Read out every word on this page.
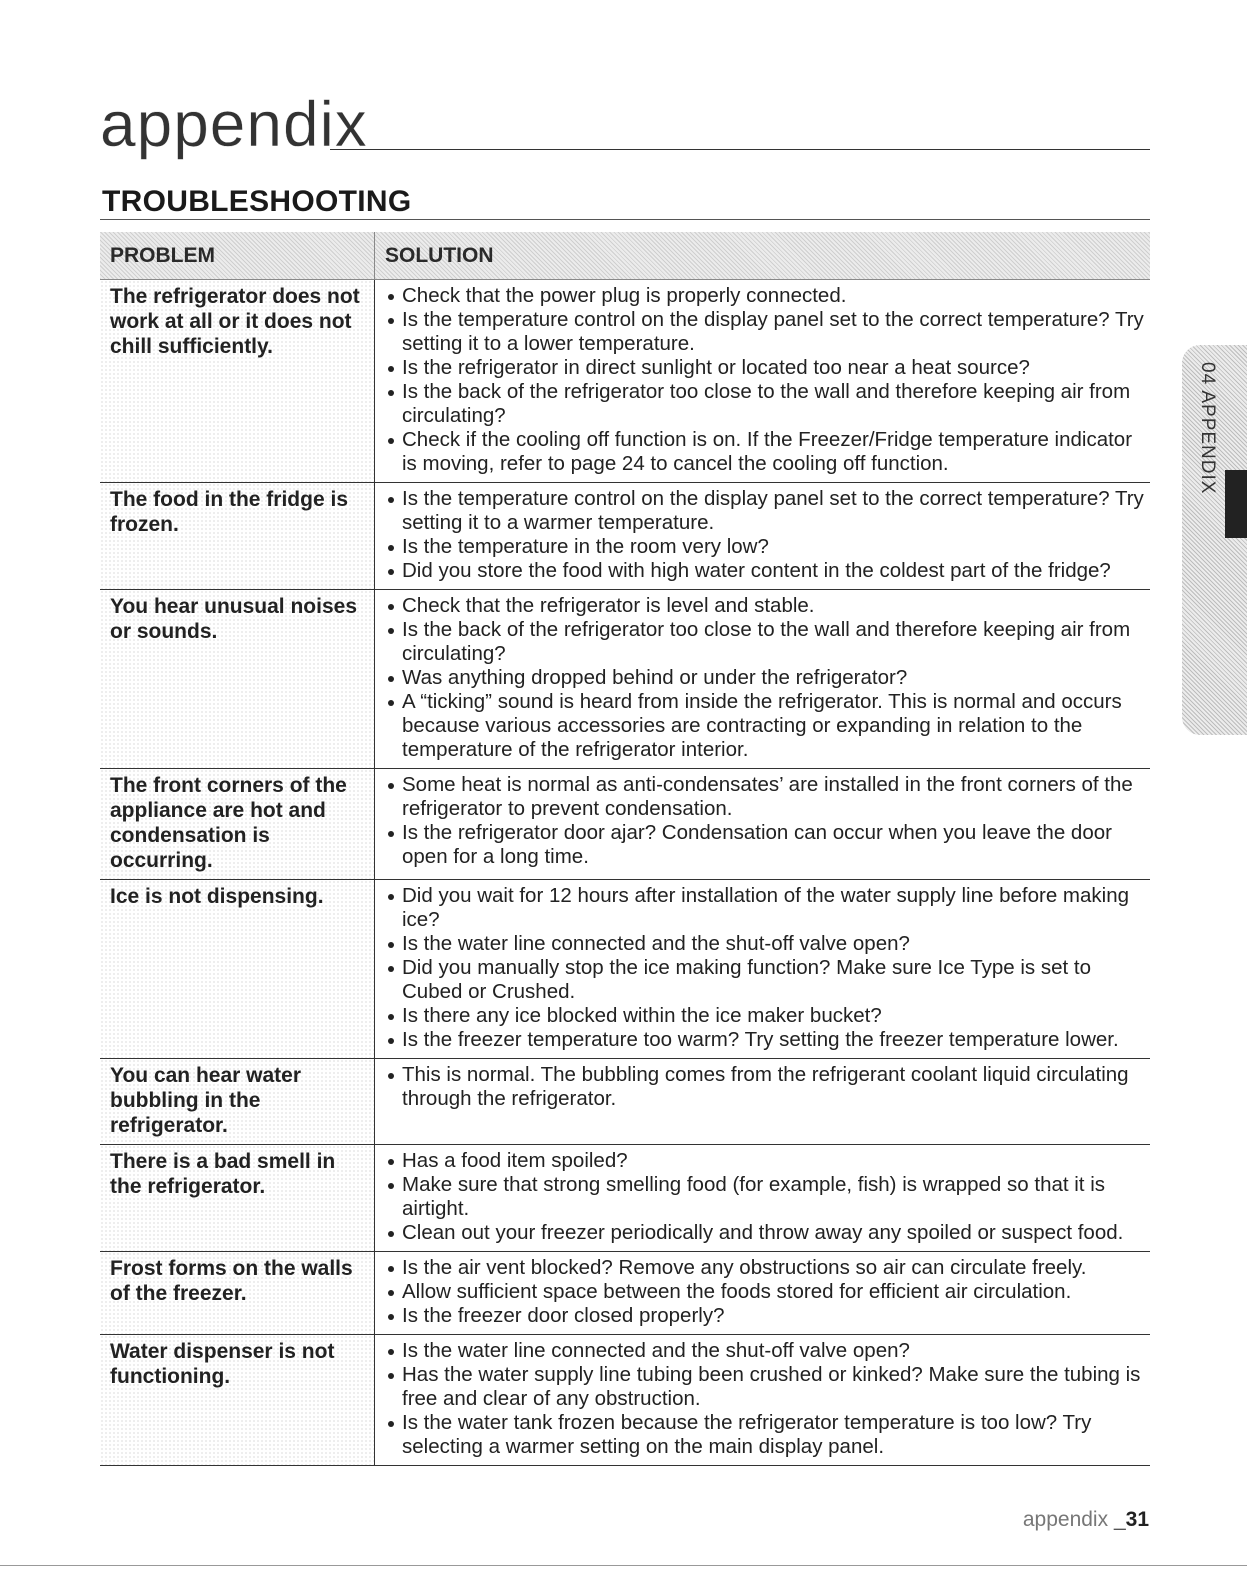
appendix
TROUBLESHOOTING
PROBLEM	SOLUTION
The refrigerator does not work at all or it does not chill sufficiently.
Check that the power plug is properly connected.
Is the temperature control on the display panel set to the correct temperature? Try setting it to a lower temperature.
Is the refrigerator in direct sunlight or located too near a heat source?
Is the back of the refrigerator too close to the wall and therefore keeping air from circulating?
Check if the cooling off function is on. If the Freezer/Fridge temperature indicator is moving, refer to page 24 to cancel the cooling off function.
The food in the fridge is frozen.
Is the temperature control on the display panel set to the correct temperature? Try setting it to a warmer temperature.
Is the temperature in the room very low?
Did you store the food with high water content in the coldest part of the fridge?
You hear unusual noises or sounds.
Check that the refrigerator is level and stable.
Is the back of the refrigerator too close to the wall and therefore keeping air from circulating?
Was anything dropped behind or under the refrigerator?
A “ticking” sound is heard from inside the refrigerator. This is normal and occurs because various accessories are contracting or expanding in relation to the temperature of the refrigerator interior.
The front corners of the appliance are hot and condensation is occurring.
Some heat is normal as anti-condensates’ are installed in the front corners of the refrigerator to prevent condensation.
Is the refrigerator door ajar? Condensation can occur when you leave the door open for a long time.
Ice is not dispensing.	Did you wait for 12 hours after installation of the water supply line before making ice?
Is the water line connected and the shut-off valve open?
Did you manually stop the ice making function? Make sure Ice Type is set to Cubed or Crushed.
Is there any ice blocked within the ice maker bucket?
Is the freezer temperature too warm? Try setting the freezer temperature lower.
You can hear water bubbling in the refrigerator.
This is normal. The bubbling comes from the refrigerant coolant liquid circulating through the refrigerator.
There is a bad smell in the refrigerator.
Has a food item spoiled?
Make sure that strong smelling food (for example, fish) is wrapped so that it is airtight.
Clean out your freezer periodically and throw away any spoiled or suspect food.
Frost forms on the walls of the freezer.
Is the air vent blocked? Remove any obstructions so air can circulate freely.
Allow sufficient space between the foods stored for efficient air circulation.
Is the freezer door closed properly?
Water dispenser is not functioning.
Is the water line connected and the shut-off valve open?
Has the water supply line tubing been crushed or kinked? Make sure the tubing is free and clear of any obstruction.
Is the water tank frozen because the refrigerator temperature is too low? Try selecting a warmer setting on the main display panel.
04 APPENDIX
appendix _31
